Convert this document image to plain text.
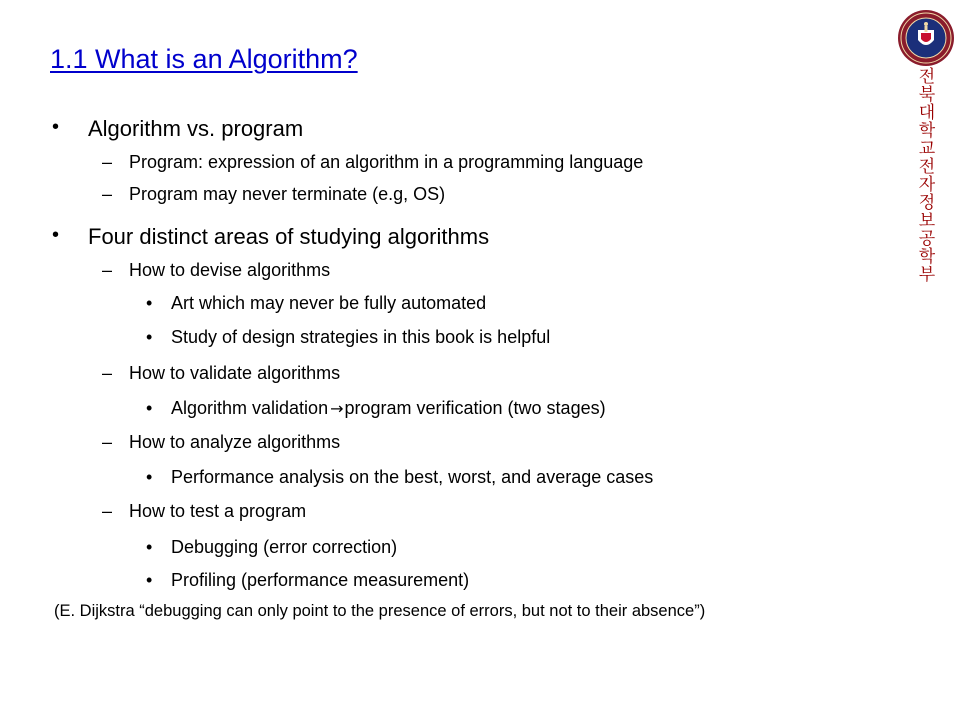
1.1 What is an Algorithm?
• Algorithm vs. program
– Program: expression of an algorithm in a programming language
– Program may never terminate (e.g, OS)
• Four distinct areas of studying algorithms
– How to devise algorithms
• Art which may never be fully automated
• Study of design strategies in this book is helpful
– How to validate algorithms
• Algorithm validation →program verification (two stages)
– How to analyze algorithms
• Performance analysis on the best, worst, and average cases
– How to test a program
• Debugging (error correction)
• Profiling (performance measurement)
(E. Dijkstra “debugging can only point to the presence of errors, but not to their absence”)
전북대학교 전자정보공학부
